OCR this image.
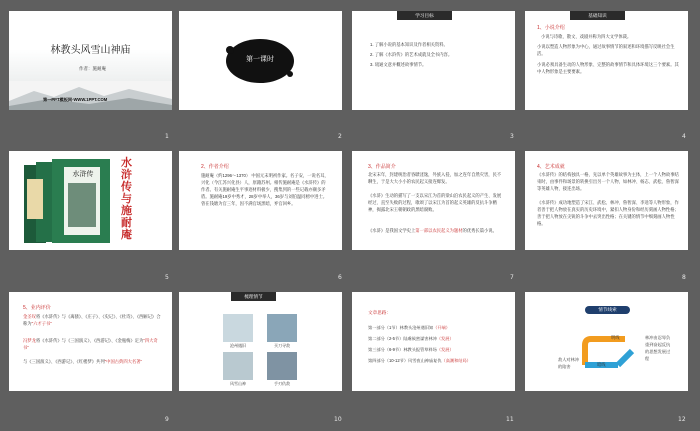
林教头风雪山神庙
作者：施耐庵
第一PPT模板网-WWW.1PPT.COM
1
第一课时
2
学习目标
1. 了解小说的基本知识及作者相关资料。
2. 了解《水浒传》的艺术成就及全书内容。
3. 琉通文意并概述故事情节。
3
基础知识
1、小说介绍
小说与诗歌、散文、戏剧并称为四大文学体裁。
小说以塑造人物形象为中心，通过故事情节的叙述和环境描写反映社会生活。
小说必须具备生动的人物形象、完整的故事情节和具体环境这三个要素。其中人物形象是主要要素。
4
水浒传
水浒传与施耐庵
5
2、作者介绍
施耐庵（约1296～1370） 中国元末明初作家。名子安，一说名耳，兴化（今江苏兴化县）人，原籍苏州。相传施耐庵是《水浒传》的作者。有关施耐庵生平事迹材料极少，搜集到的一些记载亦颇多矛盾。施耐庵19岁中秀才，28岁中举人，36岁与刘伯温同榜中进士。曾在钱塘为官三年，因不满官场黑暗，弃官回乡。
6
3、作品简介
北宋末年，封建统治者昏聩淫逸，外族入侵，加之连年自然灾害，民不聊生，于是大大小小的农民起义接连爆发。
《水浒》生动的描写了一支以宋江为首的梁山泊农民起义的产生、发展经过、直至失败的过程，歌颂了以宋江为首的起义英雄的反抗斗争精神，揭露北宋王朝朝政的黑暗腐败。
《水浒》是我国文学史上第一部以农民起义为题材的优秀长篇小说。
7
4、艺术成就
《水浒传》的结构独具一格，先以单个英雄故事为主体，上一个人物故事结束时，由事件和场景的转换引出另一个人物，如林冲、杨志、武松、鲁智深等英雄人物，接连出场。
《水浒传》成功地塑造了宋江、武松、林冲、鲁智深、李逵等人物形象，作者善于把人物放在真实的历史环境中，紧扣人物身份和经历刻画人物性格；善于把人物放在尖锐的斗争中去突出性格；在关键的情节中细刻画人物性格。
8
5、业内评价
金圣叹将《水浒传》与《离骚》、《庄子》、《史记》、《杜诗》、《西厢记》合称为"六才子书"
冯梦龙将《水浒传》与《三国演义》、《西游记》、《金瓶梅》定为"四大奇书"
与《三国演义》、《西游记》、《红楼梦》共列"中国古典四大名著"
9
梳理情节
沧州遇旧	买刀寻敌
风雪山神	手刃仇敌
10
文章思路：
第一部分（1节）林教头沧州遇旧知（开端）
第二部分（2-5节）陆虞候密谋害林冲（发展）
第三部分（6-9节）林教头报管草料场（发展）
第四部分（10-12节）风雪夜山神庙复仇（高潮和结局）
11
情节线索
明线
暗线
林冲由忍辱负重到奋起反抗的思想发展过程
敌人对林冲的陷害
12
